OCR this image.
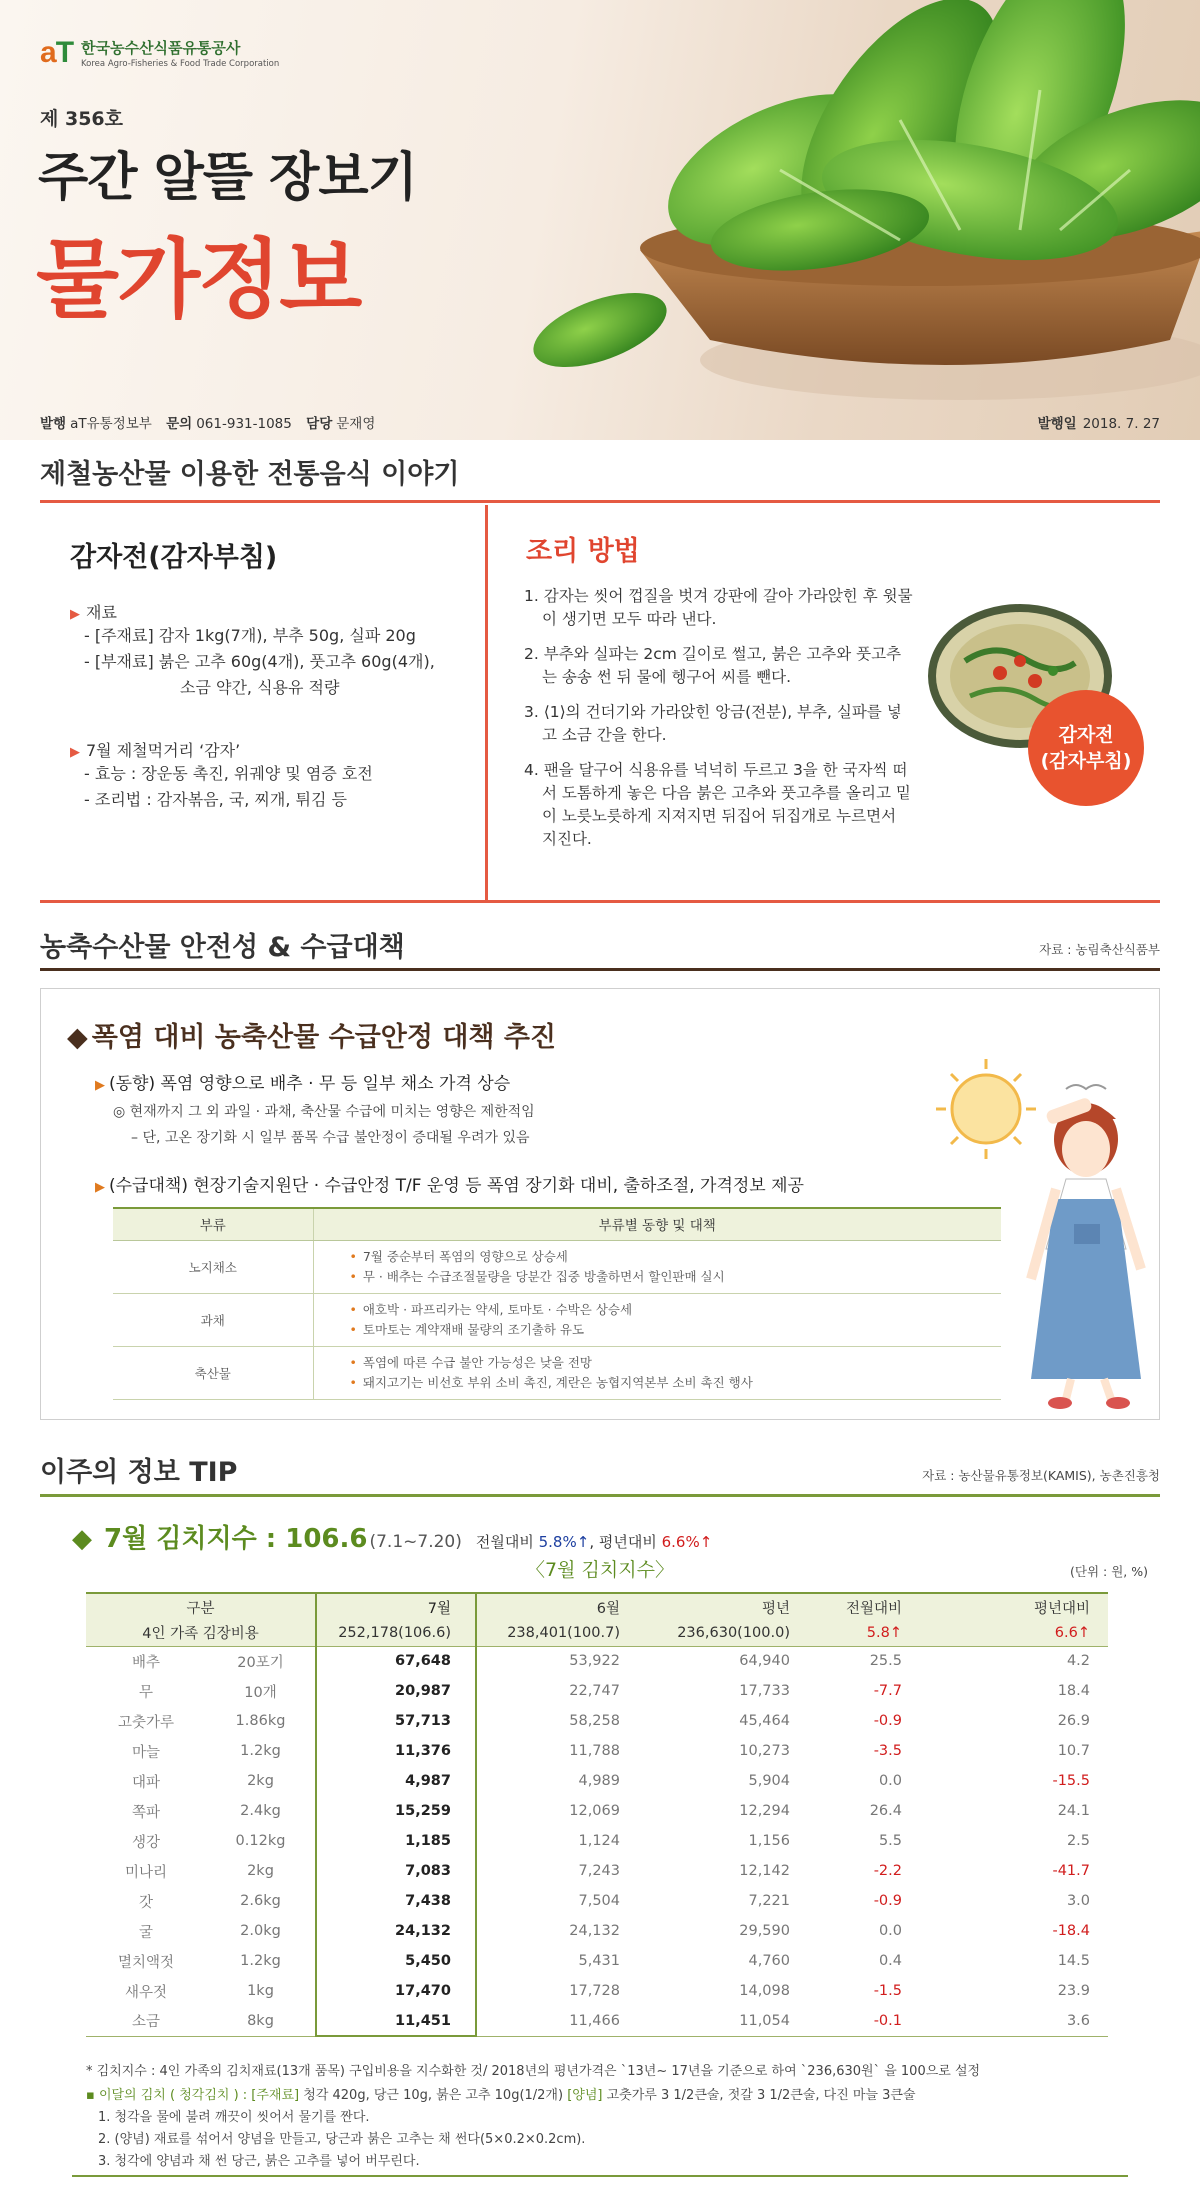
aT 한국농수산식품유통공사
Korea Agro-Fisheries & Food Trade Corporation
제 356호
주간 알뜰 장보기
물가정보
발행 aT유통정보부 문의 061-931-1085 담당 문재영	발행일 2018. 7. 27
제철농산물 이용한 전통음식 이야기
감자전(감자부침)
▶ 재료
- [주재료] 감자 1kg(7개), 부추 50g, 실파 20g
- [부재료] 붉은 고추 60g(4개), 풋고추 60g(4개),
소금 약간, 식용유 적량
▶ 7월 제철먹거리 ‘감자’
- 효능 : 장운동 촉진, 위궤양 및 염증 호전
- 조리법 : 감자볶음, 국, 찌개, 튀김 등
조리 방법
1. 감자는 씻어 껍질을 벗겨 강판에 갈아 가라앉힌 후 윗물이 생기면 모두 따라 낸다.
2. 부추와 실파는 2cm 길이로 썰고, 붉은 고추와 풋고추는 송송 썬 뒤 물에 헹구어 씨를 뺀다.
3. ⟨1⟩의 건더기와 가라앉힌 앙금(전분), 부추, 실파를 넣고 소금 간을 한다.
4. 팬을 달구어 식용유를 넉넉히 두르고 3을 한 국자씩 떠서 도톰하게 놓은 다음 붉은 고추와 풋고추를 올리고 밑이 노릇노릇하게 지져지면 뒤집어 뒤집개로 누르면서 지진다.
감자전
(감자부침)
농축수산물 안전성 & 수급대책	자료 : 농림축산식품부
◆ 폭염 대비 농축산물 수급안정 대책 추진
▶ (동향) 폭염 영향으로 배추 · 무 등 일부 채소 가격 상승
◎ 현재까지 그 외 과일 · 과채, 축산물 수급에 미치는 영향은 제한적임
– 단, 고온 장기화 시 일부 품목 수급 불안정이 증대될 우려가 있음
▶ (수급대책) 현장기술지원단 · 수급안정 T/F 운영 등 폭염 장기화 대비, 출하조절, 가격정보 제공
부류	부류별 동향 및 대책
노지채소	• 7월 중순부터 폭염의 영향으로 상승세
• 무 · 배추는 수급조절물량을 당분간 집중 방출하면서 할인판매 실시

과채	• 애호박 · 파프리카는 약세, 토마토 · 수박은 상승세
• 토마토는 계약재배 물량의 조기출하 유도

축산물	• 폭염에 따른 수급 불안 가능성은 낮을 전망
• 돼지고기는 비선호 부위 소비 촉진, 계란은 농협지역본부 소비 촉진 행사
이주의 정보 TIP	자료 : 농산물유통정보(KAMIS), 농촌진흥청
◆ 7월 김치지수 : 106.6 (7.1~7.20) 전월대비 5.8%↑, 평년대비 6.6%↑
〈7월 김치지수〉	(단위 : 원, %)
구분		7월	6월	평년	전월대비	평년대비
4인 가족 김장비용		252,178(106.6)	238,401(100.7)	236,630(100.0)	5.8↑	6.6↑
배추	20포기	67,648	53,922	64,940	25.5	4.2
무	10개	20,987	22,747	17,733	-7.7	18.4
고춧가루	1.86kg	57,713	58,258	45,464	-0.9	26.9
마늘	1.2kg	11,376	11,788	10,273	-3.5	10.7
대파	2kg	4,987	4,989	5,904	0.0	-15.5
쪽파	2.4kg	15,259	12,069	12,294	26.4	24.1
생강	0.12kg	1,185	1,124	1,156	5.5	2.5
미나리	2kg	7,083	7,243	12,142	-2.2	-41.7
갓	2.6kg	7,438	7,504	7,221	-0.9	3.0
굴	2.0kg	24,132	24,132	29,590	0.0	-18.4
멸치액젓	1.2kg	5,450	5,431	4,760	0.4	14.5
새우젓	1kg	17,470	17,728	14,098	-1.5	23.9
소금	8kg	11,451	11,466	11,054	-0.1	3.6
* 김치지수 : 4인 가족의 김치재료(13개 품목) 구입비용을 지수화한 것/ 2018년의 평년가격은 `13년~ 17년을 기준으로 하여 `236,630원` 을 100으로 설정
▪ 이달의 김치 ( 청각김치 ) : [주재료] 청각 420g, 당근 10g, 붉은 고추 10g(1/2개) [양념] 고춧가루 3 1/2큰술, 젓갈 3 1/2큰술, 다진 마늘 3큰술
1. 청각을 물에 불려 깨끗이 씻어서 물기를 짠다.
2. (양념) 재료를 섞어서 양념을 만들고, 당근과 붉은 고추는 채 썬다(5×0.2×0.2cm).
3. 청각에 양념과 채 썬 당근, 붉은 고추를 넣어 버무린다.
